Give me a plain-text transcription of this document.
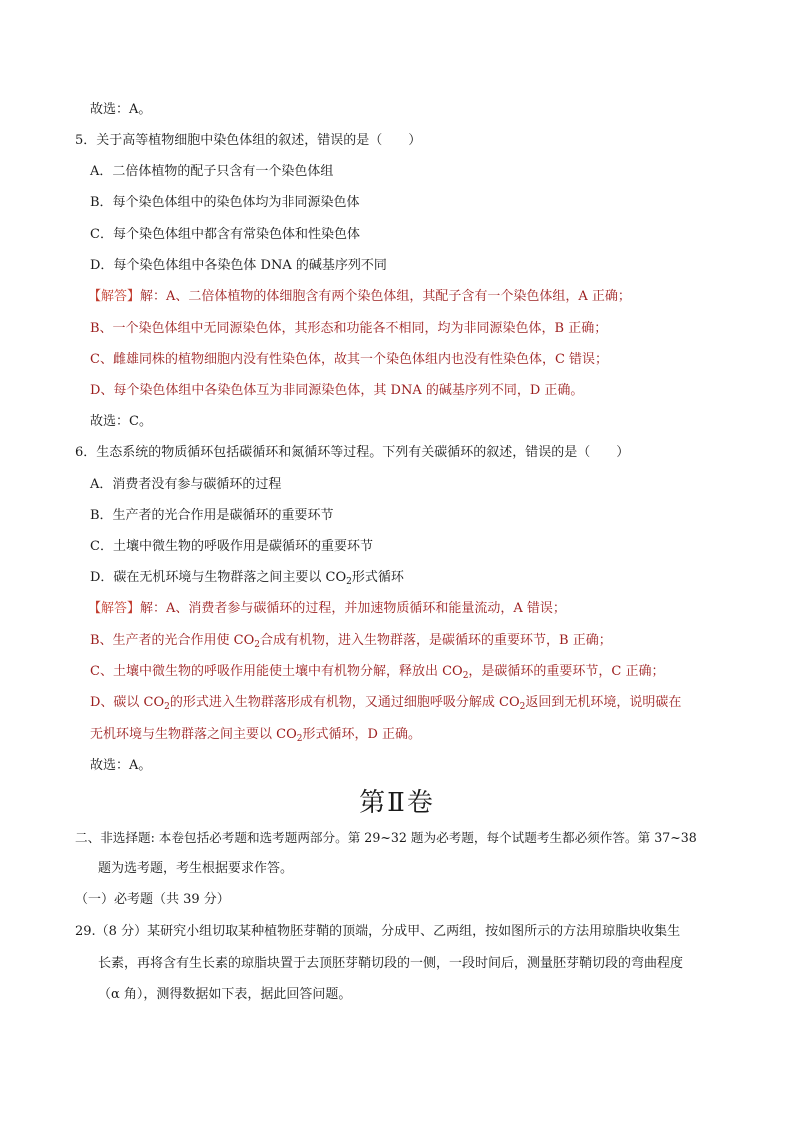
故选：A。
5．关于高等植物细胞中染色体组的叙述，错误的是（　　）
A．二倍体植物的配子只含有一个染色体组
B．每个染色体组中的染色体均为非同源染色体
C．每个染色体组中都含有常染色体和性染色体
D．每个染色体组中各染色体 DNA 的碱基序列不同
【解答】解：A、二倍体植物的体细胞含有两个染色体组，其配子含有一个染色体组，A 正确；
B、一个染色体组中无同源染色体，其形态和功能各不相同，均为非同源染色体，B 正确；
C、雌雄同株的植物细胞内没有性染色体，故其一个染色体组内也没有性染色体，C 错误；
D、每个染色体组中各染色体互为非同源染色体，其 DNA 的碱基序列不同，D 正确。
故选：C。
6．生态系统的物质循环包括碳循环和氮循环等过程。下列有关碳循环的叙述，错误的是（　　）
A．消费者没有参与碳循环的过程
B．生产者的光合作用是碳循环的重要环节
C．土壤中微生物的呼吸作用是碳循环的重要环节
D．碳在无机环境与生物群落之间主要以 $CO_2$形式循环
【解答】解：A、消费者参与碳循环的过程，并加速物质循环和能量流动，A 错误；
B、生产者的光合作用使 $CO_2$合成有机物，进入生物群落，是碳循环的重要环节，B 正确；
C、土壤中微生物的呼吸作用能使土壤中有机物分解，释放出 $CO_2$，是碳循环的重要环节，C 正确；
D、碳以 $CO_2$的形式进入生物群落形成有机物，又通过细胞呼吸分解成 $CO_2$返回到无机环境，说明碳在
无机环境与生物群落之间主要以 $CO_2$形式循环，D 正确。
故选：A。
第Ⅱ卷
二、非选择题: 本卷包括必考题和选考题两部分。第 29~32 题为必考题，每个试题考生都必须作答。第 37~38
题为选考题，考生根据要求作答。
（一）必考题（共 39 分）
29.（8 分）某研究小组切取某种植物胚芽鞘的顶端，分成甲、乙两组，按如图所示的方法用琼脂块收集生
长素，再将含有生长素的琼脂块置于去顶胚芽鞘切段的一侧，一段时间后，测量胚芽鞘切段的弯曲程度
（α 角），测得数据如下表，据此回答问题。
